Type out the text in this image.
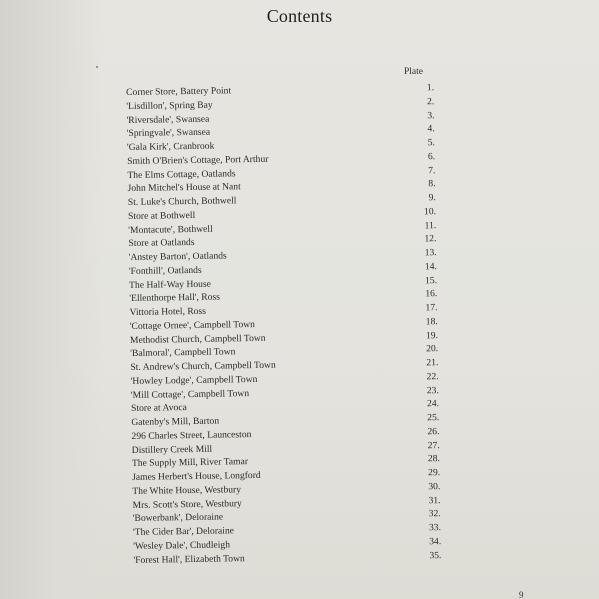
Contents
Plate
Corner Store, Battery Point	1.
'Lisdillon', Spring Bay	2.
'Riversdale', Swansea	3.
'Springvale', Swansea	4.
'Gala Kirk', Cranbrook	5.
Smith O'Brien's Cottage, Port Arthur	6.
The Elms Cottage, Oatlands	7.
John Mitchel's House at Nant	8.
St. Luke's Church, Bothwell	9.
Store at Bothwell	10.
'Montacute', Bothwell	11.
Store at Oatlands	12.
'Anstey Barton', Oatlands	13.
'Fonthill', Oatlands	14.
The Half-Way House	15.
'Ellenthorpe Hall', Ross	16.
Vittoria Hotel, Ross	17.
'Cottage Ornee', Campbell Town	18.
Methodist Church, Campbell Town	19.
'Balmoral', Campbell Town	20.
St. Andrew's Church, Campbell Town	21.
'Howley Lodge', Campbell Town	22.
'Mill Cottage', Campbell Town	23.
Store at Avoca	24.
Gatenby's Mill, Barton	25.
296 Charles Street, Launceston	26.
Distillery Creek Mill	27.
The Supply Mill, River Tamar	28.
James Herbert's House, Longford	29.
The White House, Westbury	30.
Mrs. Scott's Store, Westbury	31.
'Bowerbank', Deloraine	32.
'The Cider Bar', Deloraine	33.
'Wesley Dale', Chudleigh	34.
'Forest Hall', Elizabeth Town	35.
9
